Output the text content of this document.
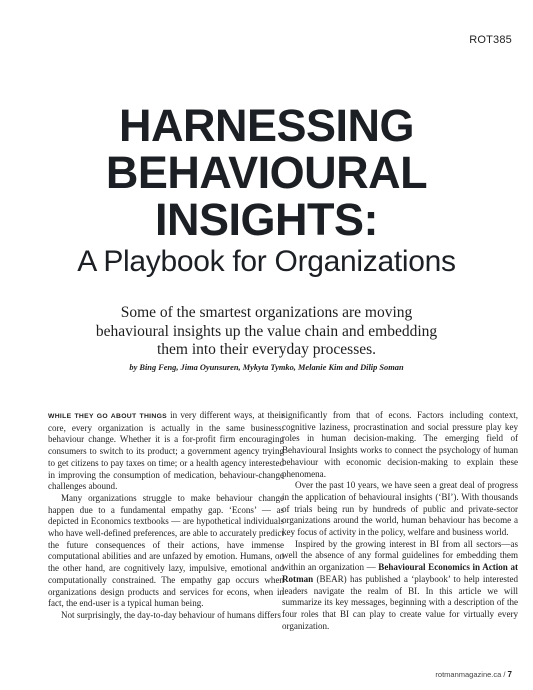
ROT385
HARNESSING
BEHAVIOURAL
INSIGHTS:
A Playbook for Organizations
Some of the smartest organizations are moving
behavioural insights up the value chain and embedding
them into their everyday processes.
by Bing Feng, Jima Oyunsuren, Mykyta Tymko, Melanie Kim and Dilip Soman

WHILE THEY GO ABOUT THINGS in very different ways, at their core, every organization is actually in the same business: behaviour change. Whether it is a for-profit firm encouraging consumers to switch to its product; a government agency trying to get citizens to pay taxes on time; or a health agency interested in improving the consumption of medication, behaviour-change challenges abound.

Many organizations struggle to make behaviour change happen due to a fundamental empathy gap. ‘Econs’ — as depicted in Economics textbooks — are hypothetical individuals who have well-defined preferences, are able to accurately predict the future consequences of their actions, have immense computational abilities and are unfazed by emotion. Humans, on the other hand, are cognitively lazy, impulsive, emotional and computationally constrained. The empathy gap occurs when organizations design products and services for econs, when in fact, the end-user is a typical human being.

Not surprisingly, the day-to-day behaviour of humans differs

significantly from that of econs. Factors including context, cognitive laziness, procrastination and social pressure play key roles in human decision-making. The emerging field of Behavioural Insights works to connect the psychology of human behaviour with economic decision-making to explain these phenomena.

Over the past 10 years, we have seen a great deal of progress in the application of behavioural insights (‘BI’). With thousands of trials being run by hundreds of public and private-sector organizations around the world, human behaviour has become a key focus of activity in the policy, welfare and business world.

Inspired by the growing interest in BI from all sectors—as well the absence of any formal guidelines for embedding them within an organization — Behavioural Economics in Action at Rotman (BEAR) has published a ‘playbook’ to help interested leaders navigate the realm of BI. In this article we will summarize its key messages, beginning with a description of the four roles that BI can play to create value for virtually every organization.

rotmanmagazine.ca / 7
